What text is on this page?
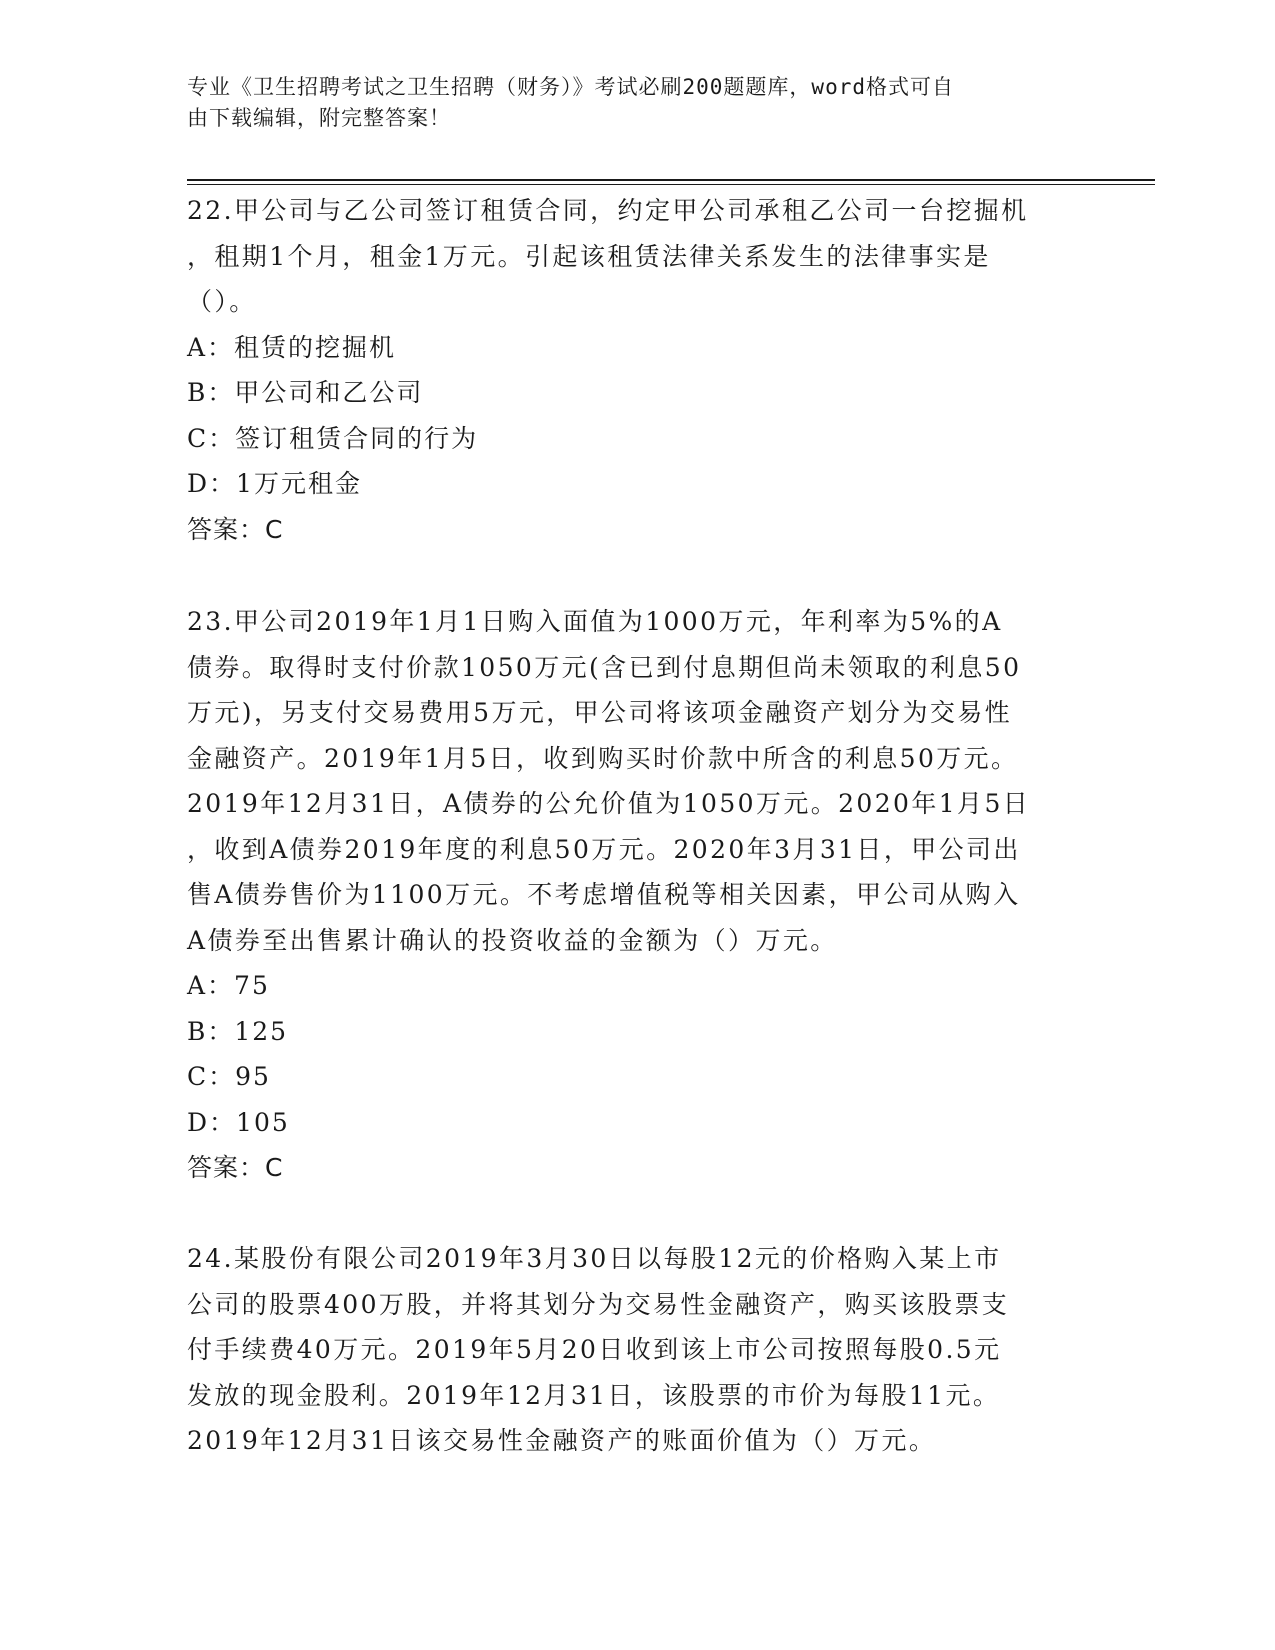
专业《卫生招聘考试之卫生招聘（财务）》考试必刷200题题库，word格式可自
由下载编辑，附完整答案！

22.甲公司与乙公司签订租赁合同，约定甲公司承租乙公司一台挖掘机
，租期1个月，租金1万元。引起该租赁法律关系发生的法律事实是
（）。

A：租赁的挖掘机
B：甲公司和乙公司
C：签订租赁合同的行为
D：1万元租金
答案：C

23.甲公司2019年1月1日购入面值为1000万元，年利率为5%的A
债券。取得时支付价款1050万元(含已到付息期但尚未领取的利息50
万元)，另支付交易费用5万元，甲公司将该项金融资产划分为交易性
金融资产。2019年1月5日，收到购买时价款中所含的利息50万元。
2019年12月31日，A债券的公允价值为1050万元。2020年1月5日
，收到A债券2019年度的利息50万元。2020年3月31日，甲公司出
售A债券售价为1100万元。不考虑增值税等相关因素，甲公司从购入
A债券至出售累计确认的投资收益的金额为（）万元。

A：75
B：125
C：95
D：105
答案：C

24.某股份有限公司2019年3月30日以每股12元的价格购入某上市
公司的股票400万股，并将其划分为交易性金融资产，购买该股票支
付手续费40万元。2019年5月20日收到该上市公司按照每股0.5元
发放的现金股利。2019年12月31日，该股票的市价为每股11元。
2019年12月31日该交易性金融资产的账面价值为（）万元。
